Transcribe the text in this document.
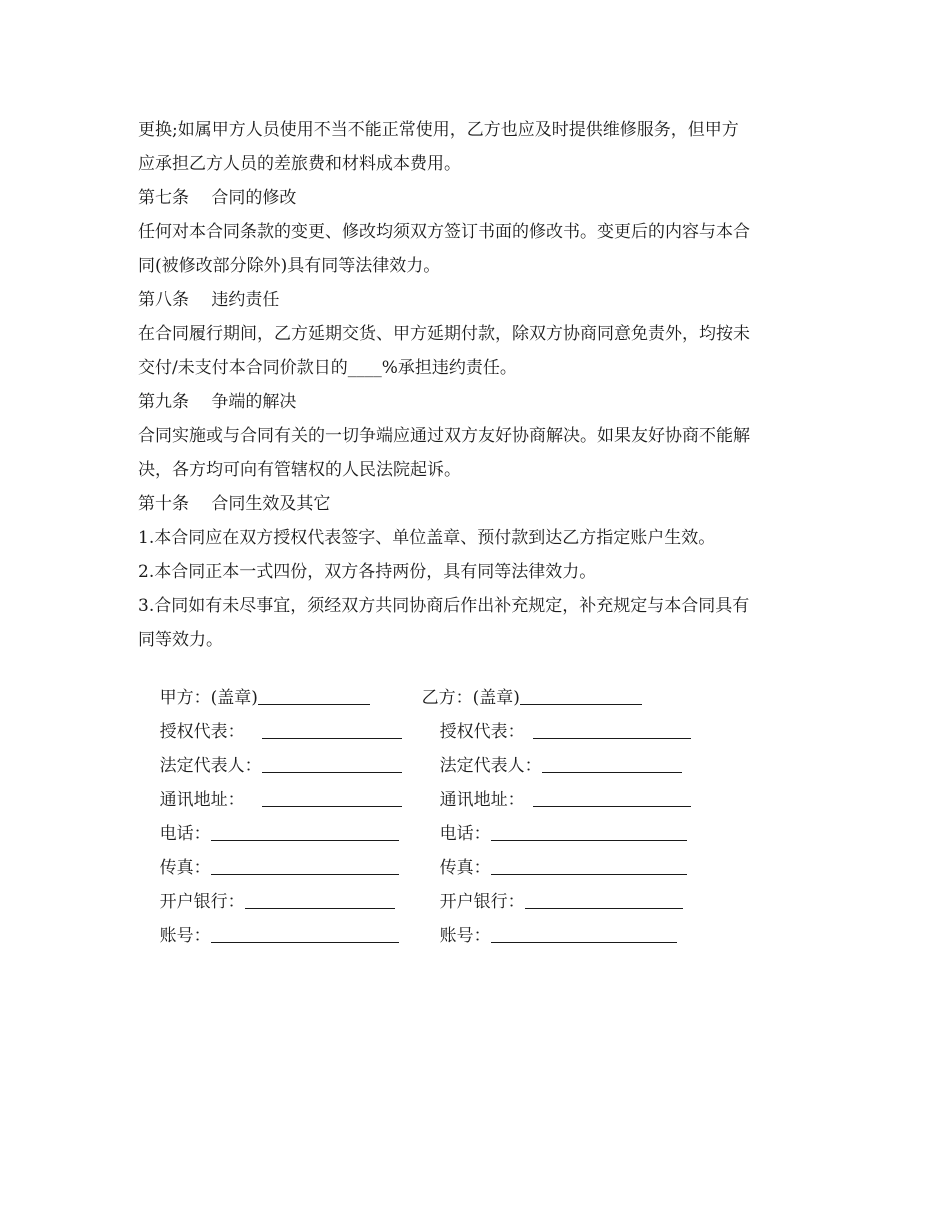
更换;如属甲方人员使用不当不能正常使用，乙方也应及时提供维修服务，但甲方
应承担乙方人员的差旅费和材料成本费用。
第七条　 合同的修改
任何对本合同条款的变更、修改均须双方签订书面的修改书。变更后的内容与本合
同(被修改部分除外)具有同等法律效力。
第八条　 违约责任
在合同履行期间，乙方延期交货、甲方延期付款，除双方协商同意免责外，均按未
交付/未支付本合同价款日的____%承担违约责任。
第九条　 争端的解决
合同实施或与合同有关的一切争端应通过双方友好协商解决。如果友好协商不能解
决，各方均可向有管辖权的人民法院起诉。
第十条　 合同生效及其它
1.本合同应在双方授权代表签字、单位盖章、预付款到达乙方指定账户生效。
2.本合同正本一式四份，双方各持两份，具有同等法律效力。
3.合同如有未尽事宜，须经双方共同协商后作出补充规定，补充规定与本合同具有
同等效力。

甲方：(盖章)

授权代表：

法定代表人：

通讯地址：

电话：

传真：

开户银行：

账号：

乙方：(盖章)

授权代表：

法定代表人：

通讯地址：

电话：

传真：

开户银行：

账号：
